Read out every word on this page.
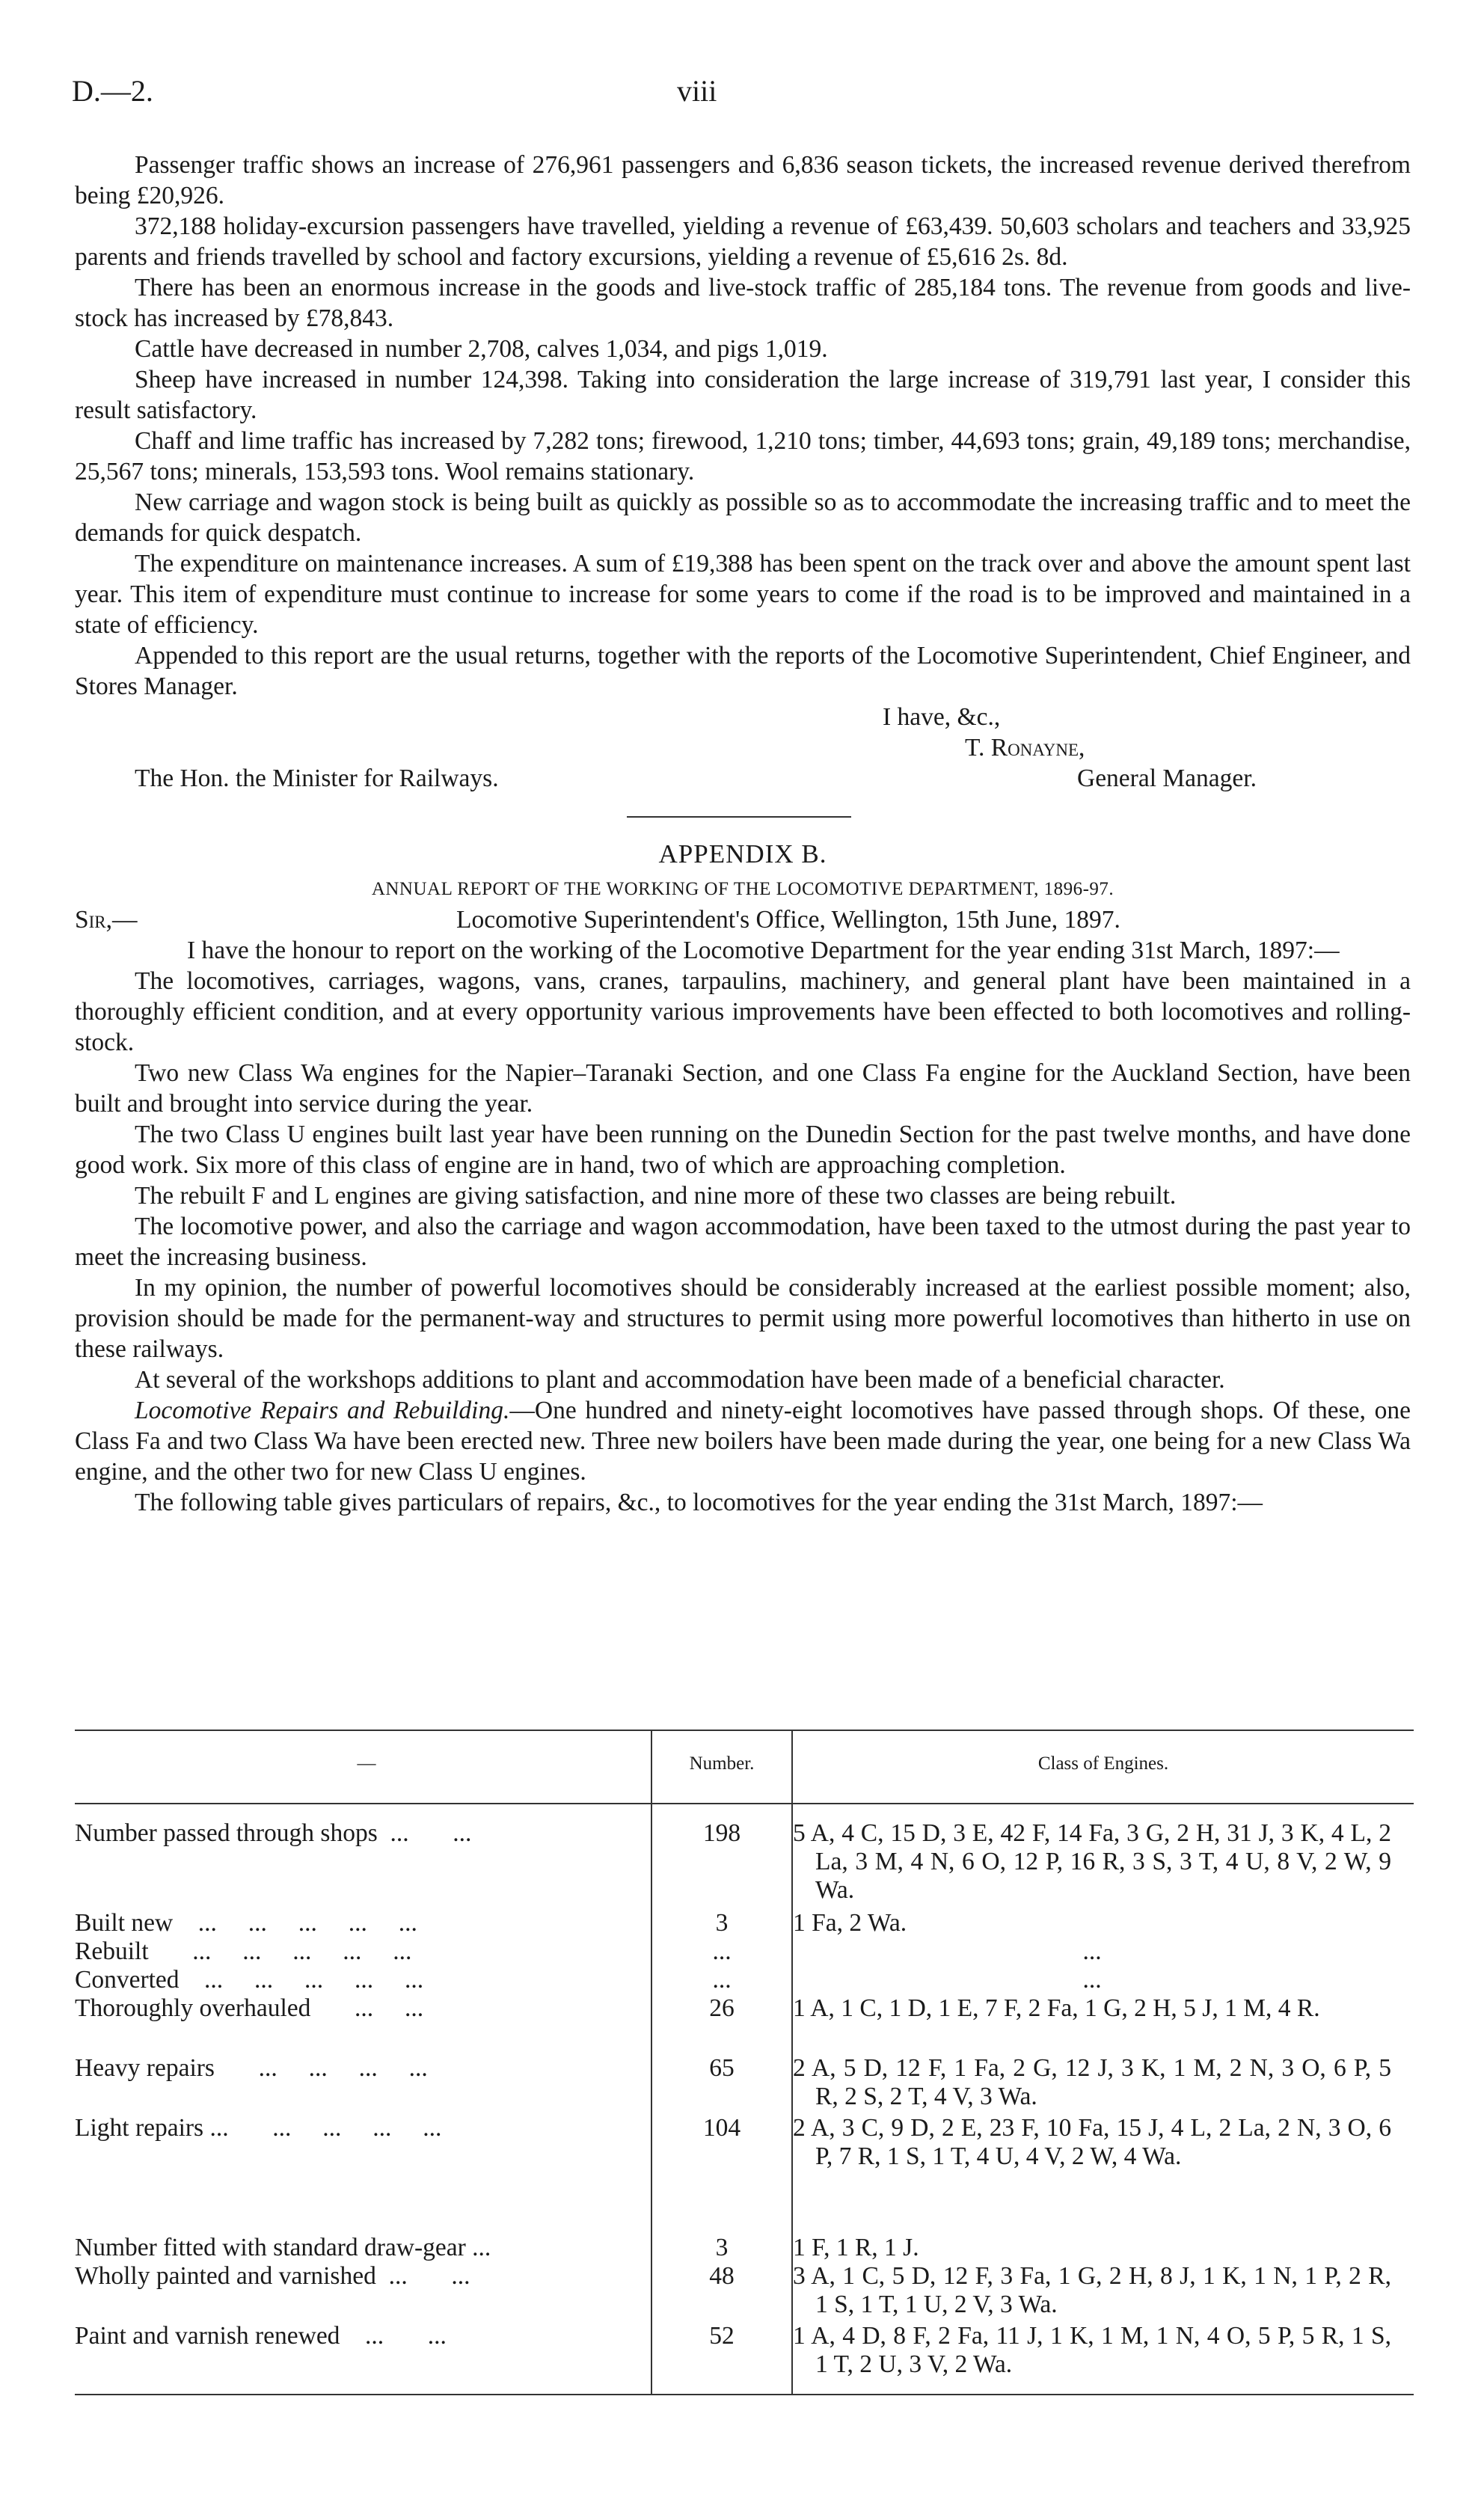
D.—2.	viii

Passenger traffic shows an increase of 276,961 passengers and 6,836 season tickets, the increased revenue derived therefrom being £20,926.

372,188 holiday-excursion passengers have travelled, yielding a revenue of £63,439. 50,603 scholars and teachers and 33,925 parents and friends travelled by school and factory excursions, yielding a revenue of £5,616 2s. 8d.

There has been an enormous increase in the goods and live-stock traffic of 285,184 tons. The revenue from goods and live-stock has increased by £78,843.

Cattle have decreased in number 2,708, calves 1,034, and pigs 1,019.

Sheep have increased in number 124,398. Taking into consideration the large increase of 319,791 last year, I consider this result satisfactory.

Chaff and lime traffic has increased by 7,282 tons; firewood, 1,210 tons; timber, 44,693 tons; grain, 49,189 tons; merchandise, 25,567 tons; minerals, 153,593 tons. Wool remains stationary.

New carriage and wagon stock is being built as quickly as possible so as to accommodate the increasing traffic and to meet the demands for quick despatch.

The expenditure on maintenance increases. A sum of £19,388 has been spent on the track over and above the amount spent last year. This item of expenditure must continue to increase for some years to come if the road is to be improved and maintained in a state of efficiency.

Appended to this report are the usual returns, together with the reports of the Locomotive Superintendent, Chief Engineer, and Stores Manager.

I have, &c.,
T. Ronayne,
The Hon. the Minister for Railways.	General Manager.
APPENDIX B.
ANNUAL REPORT OF THE WORKING OF THE LOCOMOTIVE DEPARTMENT, 1896-97.
Sir,—	Locomotive Superintendent's Office, Wellington, 15th June, 1897.

I have the honour to report on the working of the Locomotive Department for the year ending 31st March, 1897:—

The locomotives, carriages, wagons, vans, cranes, tarpaulins, machinery, and general plant have been maintained in a thoroughly efficient condition, and at every opportunity various improvements have been effected to both locomotives and rolling-stock.

Two new Class Wa engines for the Napier–Taranaki Section, and one Class Fa engine for the Auckland Section, have been built and brought into service during the year.

The two Class U engines built last year have been running on the Dunedin Section for the past twelve months, and have done good work. Six more of this class of engine are in hand, two of which are approaching completion.

The rebuilt F and L engines are giving satisfaction, and nine more of these two classes are being rebuilt.

The locomotive power, and also the carriage and wagon accommodation, have been taxed to the utmost during the past year to meet the increasing business.

In my opinion, the number of powerful locomotives should be considerably increased at the earliest possible moment; also, provision should be made for the permanent-way and structures to permit using more powerful locomotives than hitherto in use on these railways.

At several of the workshops additions to plant and accommodation have been made of a beneficial character.

Locomotive Repairs and Rebuilding.—One hundred and ninety-eight locomotives have passed through shops. Of these, one Class Fa and two Class Wa have been erected new. Three new boilers have been made during the year, one being for a new Class Wa engine, and the other two for new Class U engines.

The following table gives particulars of repairs, &c., to locomotives for the year ending the 31st March, 1897:—

—	Number.	Class of Engines.
Number passed through shops  ...       ...	198	5 A, 4 C, 15 D, 3 E, 42 F, 14 Fa, 3 G, 2 H, 31 J, 3 K, 4 L, 2 La, 3 M, 4 N, 6 O, 12 P, 16 R, 3 S, 3 T, 4 U, 8 V, 2 W, 9 Wa.
Built new    ...     ...     ...     ...     ...	3	1 Fa, 2 Wa.
Rebuilt       ...     ...     ...     ...     ...	...	...
Converted    ...     ...     ...     ...     ...	...	...
Thoroughly overhauled       ...     ...	26	1 A, 1 C, 1 D, 1 E, 7 F, 2 Fa, 1 G, 2 H, 5 J, 1 M, 4 R.
Heavy repairs       ...     ...     ...     ...	65	2 A, 5 D, 12 F, 1 Fa, 2 G, 12 J, 3 K, 1 M, 2 N, 3 O, 6 P, 5 R, 2 S, 2 T, 4 V, 3 Wa.
Light repairs ...       ...     ...     ...     ...	104	2 A, 3 C, 9 D, 2 E, 23 F, 10 Fa, 15 J, 4 L, 2 La, 2 N, 3 O, 6 P, 7 R, 1 S, 1 T, 4 U, 4 V, 2 W, 4 Wa.
Number fitted with standard draw-gear ...	3	1 F, 1 R, 1 J.
Wholly painted and varnished  ...       ...	48	3 A, 1 C, 5 D, 12 F, 3 Fa, 1 G, 2 H, 8 J, 1 K, 1 N, 1 P, 2 R, 1 S, 1 T, 1 U, 2 V, 3 Wa.
Paint and varnish renewed    ...       ...	52	1 A, 4 D, 8 F, 2 Fa, 11 J, 1 K, 1 M, 1 N, 4 O, 5 P, 5 R, 1 S, 1 T, 2 U, 3 V, 2 Wa.
